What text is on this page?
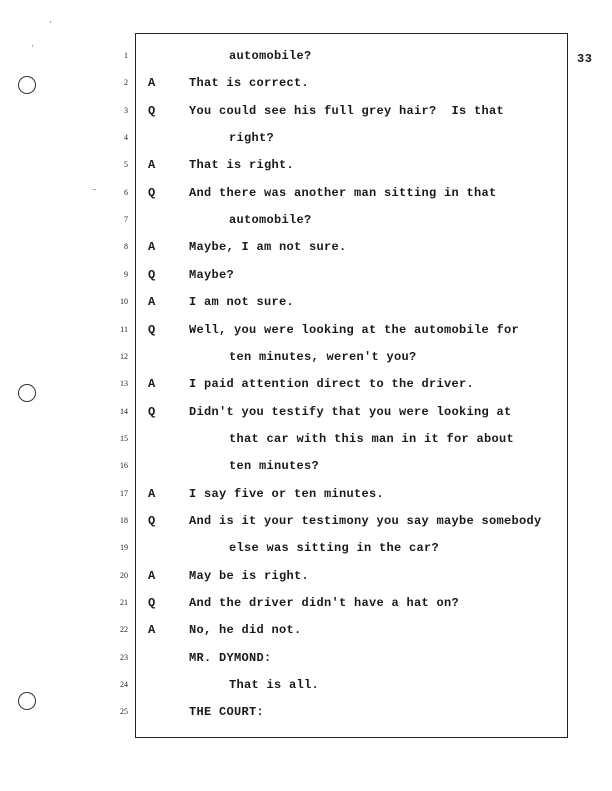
·
·
–
33
1	automobile?
2 A	That is correct.
3 Q	You could see his full grey hair?  Is that
4	right?
5 A	That is right.
6 Q	And there was another man sitting in that
7	automobile?
8 A	Maybe, I am not sure.
9 Q	Maybe?
10 A	I am not sure.
11 Q	Well, you were looking at the automobile for
12	ten minutes, weren't you?
13 A	I paid attention direct to the driver.
14 Q	Didn't you testify that you were looking at
15	that car with this man in it for about
16	ten minutes?
17 A	I say five or ten minutes.
18 Q	And is it your testimony you say maybe somebody
19	else was sitting in the car?
20 A	May be is right.
21 Q	And the driver didn't have a hat on?
22 A	No, he did not.
23	MR. DYMOND:
24	That is all.
25	THE COURT:
